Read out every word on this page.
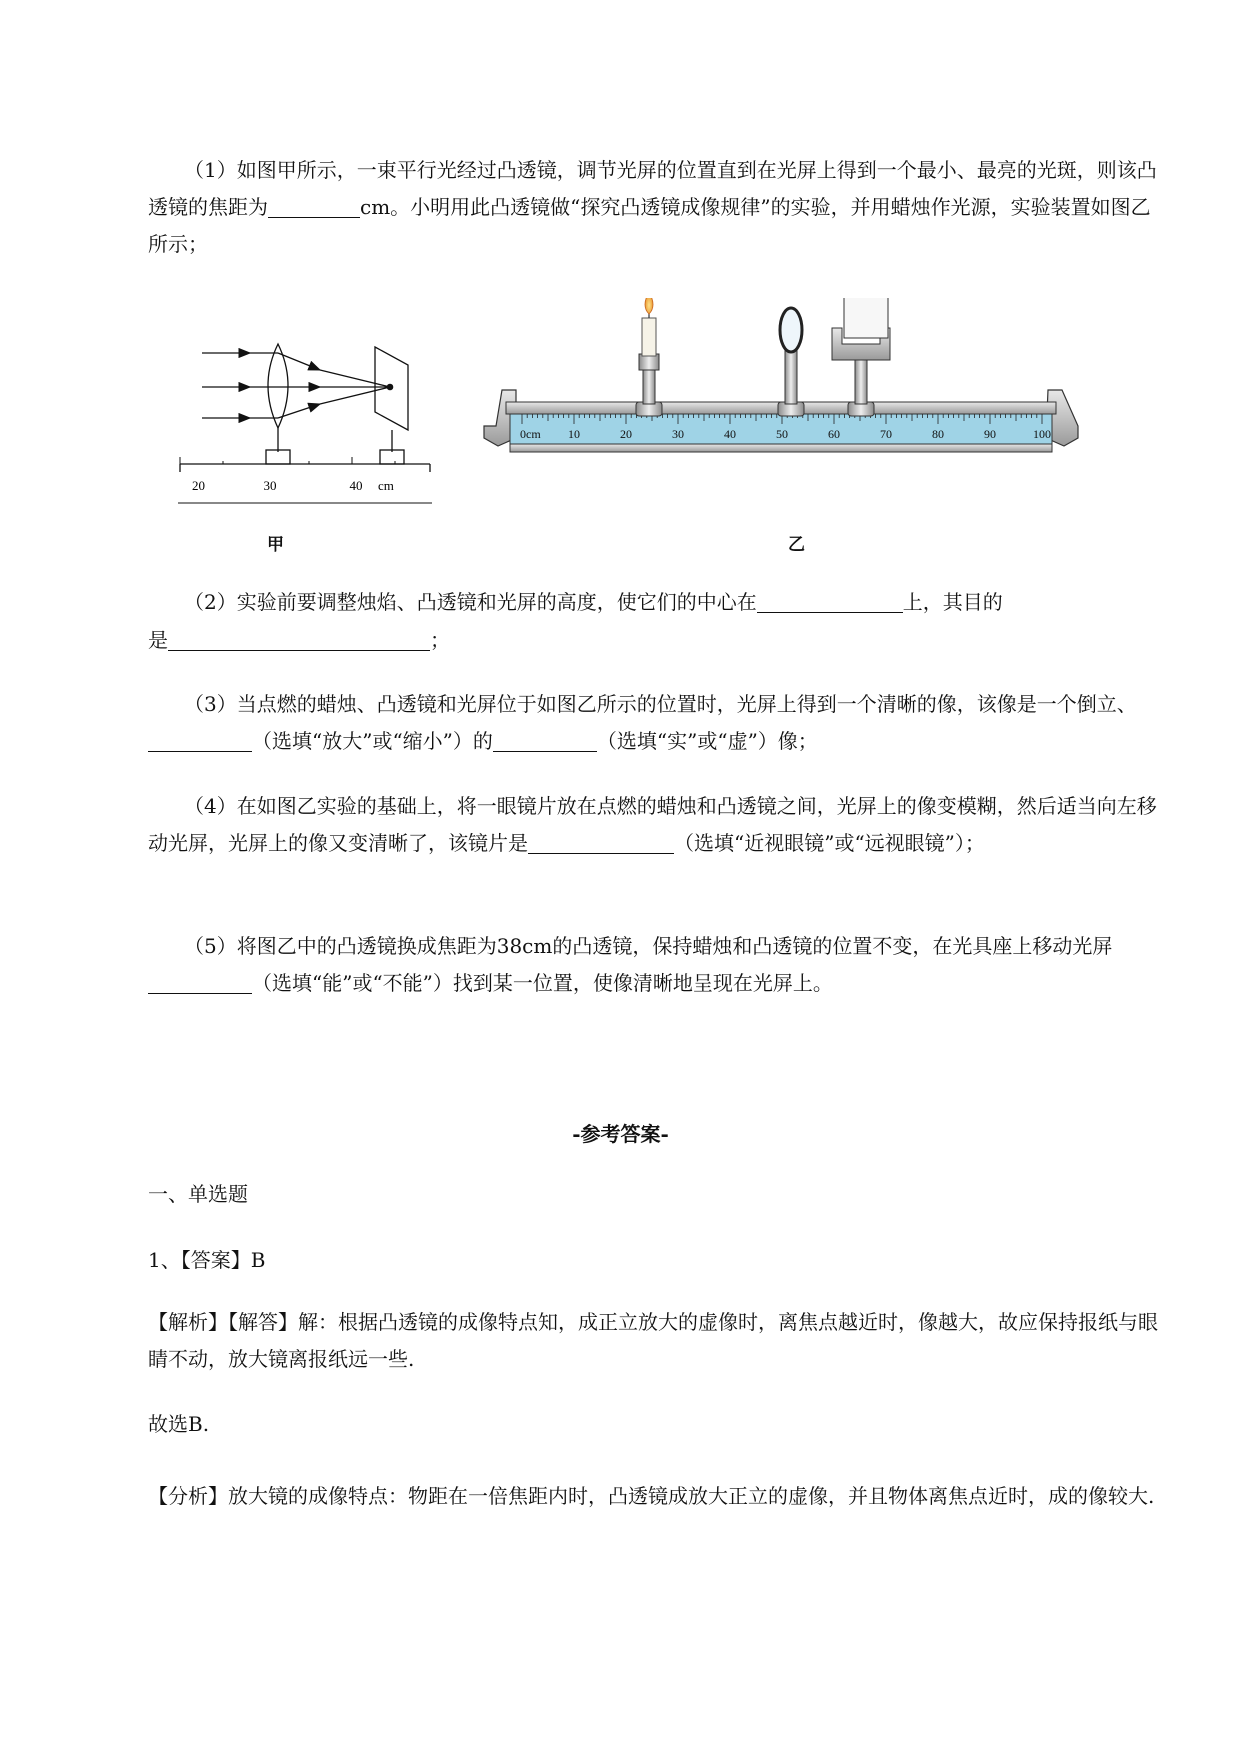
（1）如图甲所示，一束平行光经过凸透镜，调节光屏的位置直到在光屏上得到一个最小、最亮的光斑，则该凸透镜的焦距为	cm。小明用此凸透镜做“探究凸透镜成像规律”的实验，并用蜡烛作光源，实验装置如图乙所示；

20	30	40 cm
甲
0cm 10	20	30	40	50	60	70	80	90	100
乙

（2）实验前要调整烛焰、凸透镜和光屏的高度，使它们的中心在	上，其目的

是	；

（3）当点燃的蜡烛、凸透镜和光屏位于如图乙所示的位置时，光屏上得到一个清晰的像，该像是一个倒立、（选填“放大”或“缩小”）的	（选填“实”或“虚”）像；

（4）在如图乙实验的基础上，将一眼镜片放在点燃的蜡烛和凸透镜之间，光屏上的像变模糊，然后适当向左移动光屏，光屏上的像又变清晰了，该镜片是	（选填“近视眼镜”或“远视眼镜”）；

（5）将图乙中的凸透镜换成焦距为38cm的凸透镜，保持蜡烛和凸透镜的位置不变，在光具座上移动光屏（选填“能”或“不能”）找到某一位置，使像清晰地呈现在光屏上。

-参考答案-

一、单选题

1、【答案】B

【解析】【解答】解：根据凸透镜的成像特点知，成正立放大的虚像时，离焦点越近时，像越大，故应保持报纸与眼睛不动，放大镜离报纸远一些.

故选B.

【分析】放大镜的成像特点：物距在一倍焦距内时，凸透镜成放大正立的虚像，并且物体离焦点近时，成的像较大.
